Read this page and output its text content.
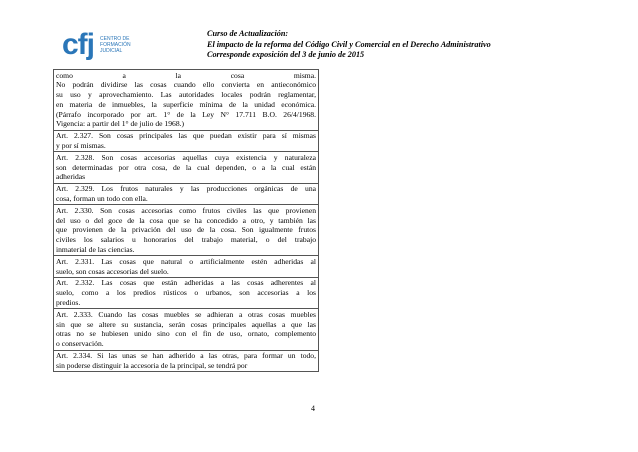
cfj CENTRO DE
FORMACIÓN
JUDICIAL
Curso de Actualización:
El impacto de la reforma del Código Civil y Comercial en el Derecho Administrativo
Corresponde exposición del 3 de junio de 2015
como a la cosa misma.
No podrán dividirse las cosas cuando ello convierta en antieconómico
su uso y aprovechamiento. Las autoridades locales podrán reglamentar,
en materia de inmuebles, la superficie mínima de la unidad económica.
(Párrafo incorporado por art. 1° de la Ley N° 17.711 B.O. 26/4/1968.
Vigencia: a partir del 1° de julio de 1968.)

Art. 2.327. Son cosas principales las que puedan existir para sí mismas
y por sí mismas.

Art. 2.328. Son cosas accesorias aquellas cuya existencia y naturaleza
son determinadas por otra cosa, de la cual dependen, o a la cual están
adheridas

Art. 2.329. Los frutos naturales y las producciones orgánicas de una
cosa, forman un todo con ella.

Art. 2.330. Son cosas accesorias como frutos civiles las que provienen
del uso o del goce de la cosa que se ha concedido a otro, y también las
que provienen de la privación del uso de la cosa. Son igualmente frutos
civiles los salarios u honorarios del trabajo material, o del trabajo
inmaterial de las ciencias.

Art. 2.331. Las cosas que natural o artificialmente estén adheridas al
suelo, son cosas accesorias del suelo.

Art. 2.332. Las cosas que están adheridas a las cosas adherentes al
suelo, como a los predios rústicos o urbanos, son accesorias a los
predios.

Art. 2.333. Cuando las cosas muebles se adhieran a otras cosas muebles
sin que se altere su sustancia, serán cosas principales aquellas a que las
otras no se hubiesen unido sino con el fin de uso, ornato, complemento
o conservación.

Art. 2.334. Si las unas se han adherido a las otras, para formar un todo,
sin poderse distinguir la accesoria de la principal, se tendrá por
4
